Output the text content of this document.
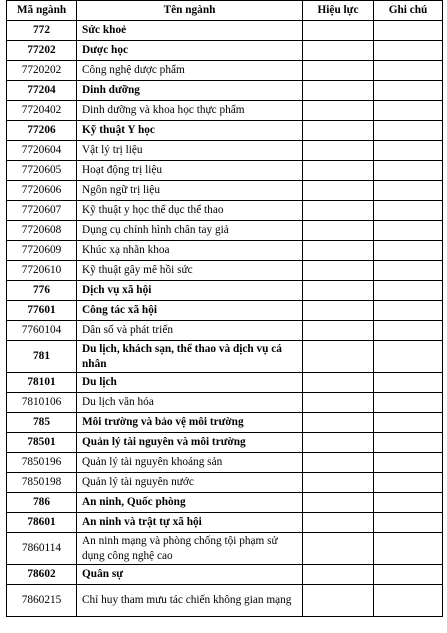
Mã ngành	Tên ngành	Hiệu lực	Ghi chú
772	Sức khoẻ		
77202	Dược học		
7720202	Công nghệ dược phẩm		
77204	Dinh dưỡng		
7720402	Dinh dưỡng và khoa học thực phẩm		
77206	Kỹ thuật Y học		
7720604	Vật lý trị liệu		
7720605	Hoạt động trị liệu		
7720606	Ngôn ngữ trị liệu		
7720607	Kỹ thuật y học thể dục thể thao		
7720608	Dụng cụ chỉnh hình chân tay giả		
7720609	Khúc xạ nhãn khoa		
7720610	Kỹ thuật gây mê hồi sức		
776	Dịch vụ xã hội		
77601	Công tác xã hội		
7760104	Dân số và phát triển		
781	Du lịch, khách sạn, thể thao và dịch vụ cá nhân		
78101	Du lịch		
7810106	Du lịch văn hóa		
785	Môi trường và bảo vệ môi trường		
78501	Quản lý tài nguyên và môi trường		
7850196	Quản lý tài nguyên khoáng sản		
7850198	Quản lý tài nguyên nước		
786	An ninh, Quốc phòng		
78601	An ninh và trật tự xã hội		
7860114	An ninh mạng và phòng chống tội phạm sử dụng công nghệ cao		
78602	Quân sự		
7860215	Chỉ huy tham mưu tác chiến không gian mạng		
